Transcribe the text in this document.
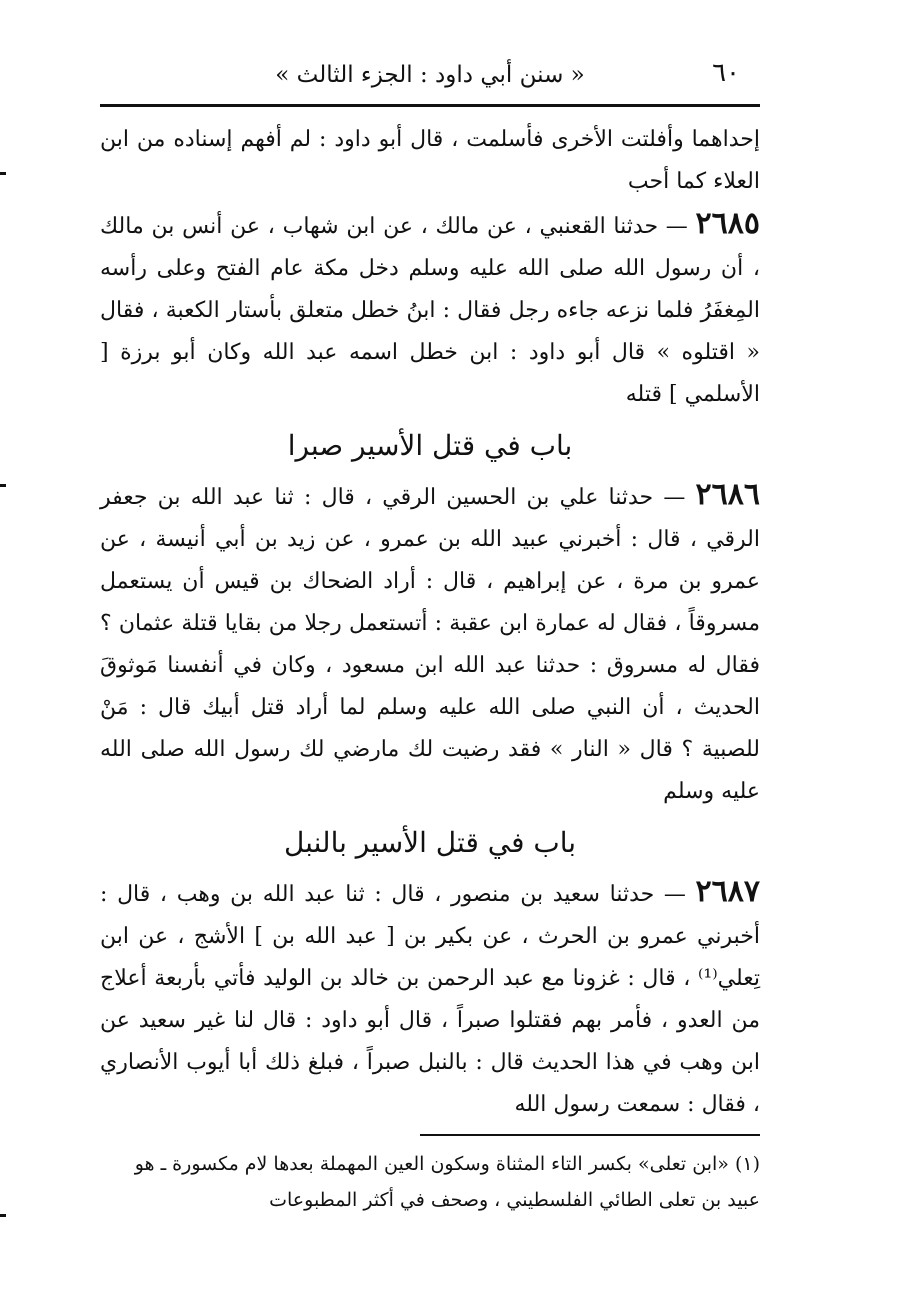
« سنن أبي داود : الجزء الثالث »	٦٠

إحداهما وأفلتت الأخرى فأسلمت ، قال أبو داود : لم أفهم إسناده من ابن العلاء كما أحب

٢٦٨٥ — حدثنا القعنبي ، عن مالك ، عن ابن شهاب ، عن أنس بن مالك ، أن رسول الله صلى الله عليه وسلم دخل مكة عام الفتح وعلى رأسه المِغفَرُ فلما نزعه جاءه رجل فقال : ابنُ خطل متعلق بأستار الكعبة ، فقال « اقتلوه » قال أبو داود : ابن خطل اسمه عبد الله وكان أبو برزة [ الأسلمي ] قتله

باب في قتل الأسير صبرا

٢٦٨٦ — حدثنا علي بن الحسين الرقي ، قال : ثنا عبد الله بن جعفر الرقي ، قال : أخبرني عبيد الله بن عمرو ، عن زيد بن أبي أنيسة ، عن عمرو بن مرة ، عن إبراهيم ، قال : أراد الضحاك بن قيس أن يستعمل مسروقاً ، فقال له عمارة ابن عقبة : أتستعمل رجلا من بقايا قتلة عثمان ؟ فقال له مسروق : حدثنا عبد الله ابن مسعود ، وكان في أنفسنا مَوثوقَ الحديث ، أن النبي صلى الله عليه وسلم لما أراد قتل أبيك قال : مَنْ للصبية ؟ قال « النار » فقد رضيت لك مارضي لك رسول الله صلى الله عليه وسلم

باب في قتل الأسير بالنبل

٢٦٨٧ — حدثنا سعيد بن منصور ، قال : ثنا عبد الله بن وهب ، قال : أخبرني عمرو بن الحرث ، عن بكير بن [ عبد الله بن ] الأشج ، عن ابن تِعلي⁽¹⁾ ، قال : غزونا مع عبد الرحمن بن خالد بن الوليد فأتي بأربعة أعلاج من العدو ، فأمر بهم فقتلوا صبراً ، قال أبو داود : قال لنا غير سعيد عن ابن وهب في هذا الحديث قال : بالنبل صبراً ، فبلغ ذلك أبا أيوب الأنصاري ، فقال : سمعت رسول الله

(١) «ابن تعلى» بكسر التاء المثناة وسكون العين المهملة بعدها لام مكسورة ـ هو عبيد بن تعلى الطائي الفلسطيني ، وصحف في أكثر المطبوعات
